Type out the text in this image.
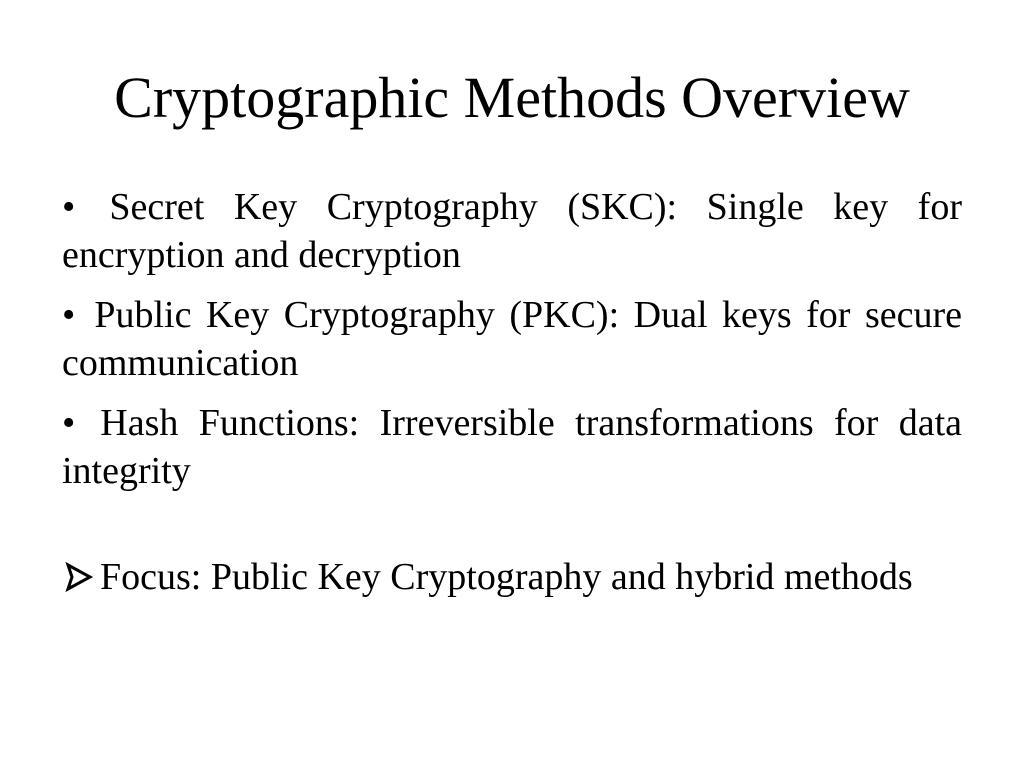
Cryptographic Methods Overview

• Secret Key Cryptography (SKC): Single key for encryption and decryption

• Public Key Cryptography (PKC): Dual keys for secure communication

• Hash Functions: Irreversible transformations for data integrity

Focus: Public Key Cryptography and hybrid methods
